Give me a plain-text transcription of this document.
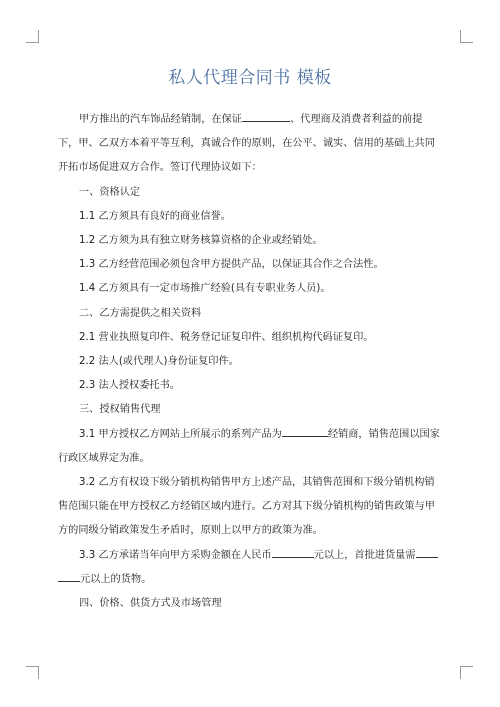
私人代理合同书 模板

甲方推出的汽车饰品经销制，在保证	、代理商及消费者利益的前提下，甲、乙双方本着平等互利，真诚合作的原则，在公平、诚实、信用的基础上共同开拓市场促进双方合作。签订代理协议如下：

一、资格认定

1.1 乙方须具有良好的商业信誉。

1.2 乙方须为具有独立财务核算资格的企业或经销处。

1.3 乙方经营范围必须包含甲方提供产品，以保证其合作之合法性。

1.4 乙方须具有一定市场推广经验(具有专职业务人员)。

二、乙方需提供之相关资料

2.1 营业执照复印件、税务登记证复印件、组织机构代码证复印。

2.2 法人(或代理人)身份证复印件。

2.3 法人授权委托书。

三、授权销售代理

3.1 甲方授权乙方网站上所展示的系列产品为	经销商，销售范围以国家行政区域界定为准。

3.2 乙方有权设下级分销机构销售甲方上述产品，其销售范围和下级分销机构销售范围只能在甲方授权乙方经销区域内进行。乙方对其下级分销机构的销售政策与甲方的同级分销政策发生矛盾时，原则上以甲方的政策为准。

3.3 乙方承诺当年向甲方采购金额在人民币	元以上，首批进货量需元以上的货物。

四、价格、供货方式及市场管理
